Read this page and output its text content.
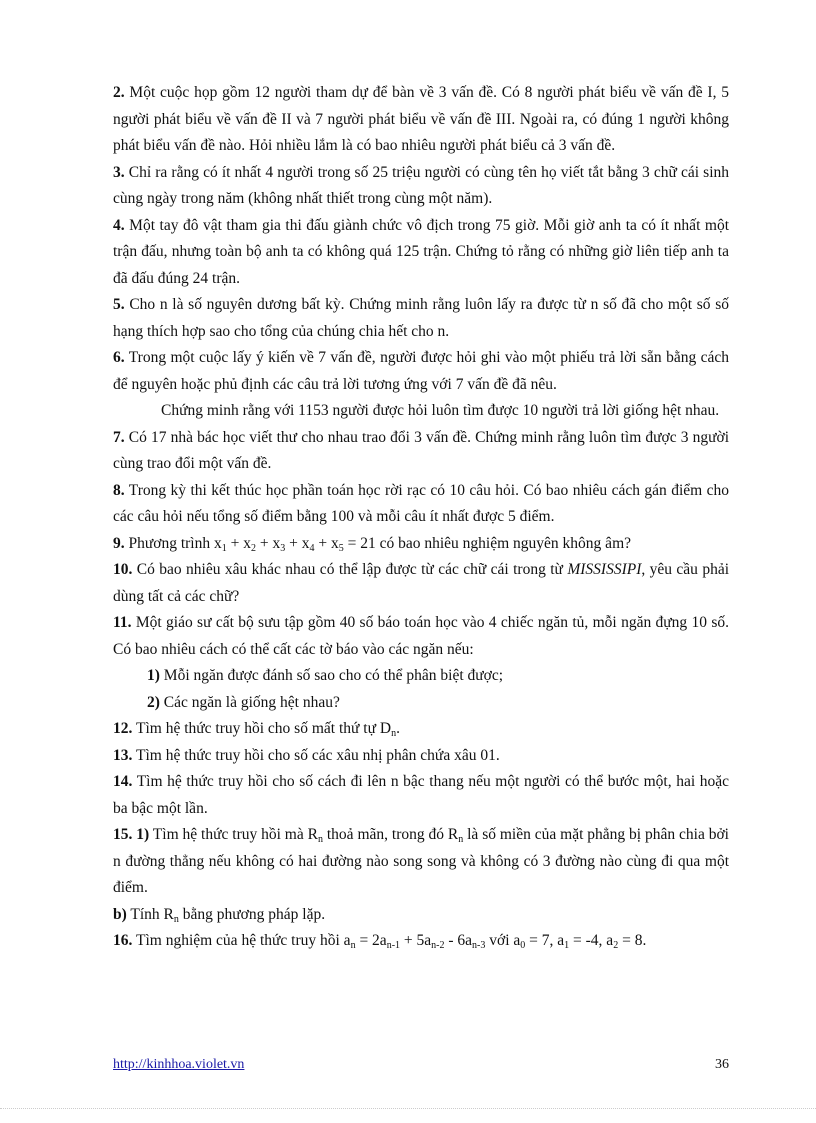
2. Một cuộc họp gồm 12 người tham dự để bàn về 3 vấn đề. Có 8 người phát biểu về vấn đề I, 5 người phát biểu về vấn đề II và 7 người phát biểu về vấn đề III. Ngoài ra, có đúng 1 người không phát biểu vấn đề nào. Hỏi nhiều lắm là có bao nhiêu người phát biểu cả 3 vấn đề.

3. Chỉ ra rằng có ít nhất 4 người trong số 25 triệu người có cùng tên họ viết tắt bằng 3 chữ cái sinh cùng ngày trong năm (không nhất thiết trong cùng một năm).

4. Một tay đô vật tham gia thi đấu giành chức vô địch trong 75 giờ. Mỗi giờ anh ta có ít nhất một trận đấu, nhưng toàn bộ anh ta có không quá 125 trận. Chứng tỏ rằng có những giờ liên tiếp anh ta đã đấu đúng 24 trận.

5. Cho n là số nguyên dương bất kỳ. Chứng minh rằng luôn lấy ra được từ n số đã cho một số số hạng thích hợp sao cho tổng của chúng chia hết cho n.

6. Trong một cuộc lấy ý kiến về 7 vấn đề, người được hỏi ghi vào một phiếu trả lời sẵn bằng cách để nguyên hoặc phủ định các câu trả lời tương ứng với 7 vấn đề đã nêu.

Chứng minh rằng với 1153 người được hỏi luôn tìm được 10 người trả lời giống hệt nhau.

7. Có 17 nhà bác học viết thư cho nhau trao đổi 3 vấn đề. Chứng minh rằng luôn tìm được 3 người cùng trao đổi một vấn đề.

8. Trong kỳ thi kết thúc học phần toán học rời rạc có 10 câu hỏi. Có bao nhiêu cách gán điểm cho các câu hỏi nếu tổng số điểm bằng 100 và mỗi câu ít nhất được 5 điểm.

9. Phương trình $x_1 + x_2 + x_3 + x_4 + x_5 = 21$ có bao nhiêu nghiệm nguyên không âm?

10. Có bao nhiêu xâu khác nhau có thể lập được từ các chữ cái trong từ MISSISSIPI, yêu cầu phải dùng tất cả các chữ?

11. Một giáo sư cất bộ sưu tập gồm 40 số báo toán học vào 4 chiếc ngăn tủ, mỗi ngăn đựng 10 số. Có bao nhiêu cách có thể cất các tờ báo vào các ngăn nếu:

1) Mỗi ngăn được đánh số sao cho có thể phân biệt được;

2) Các ngăn là giống hệt nhau?

12. Tìm hệ thức truy hồi cho số mất thứ tự $D_n$.

13. Tìm hệ thức truy hồi cho số các xâu nhị phân chứa xâu 01.

14. Tìm hệ thức truy hồi cho số cách đi lên n bậc thang nếu một người có thể bước một, hai hoặc ba bậc một lần.

15. 1) Tìm hệ thức truy hồi mà $R_n$ thoả mãn, trong đó $R_n$ là số miền của mặt phẳng bị phân chia bởi n đường thẳng nếu không có hai đường nào song song và không có 3 đường nào cùng đi qua một điểm.

b) Tính $R_n$ bằng phương pháp lặp.

16. Tìm nghiệm của hệ thức truy hồi $a_n = 2a_{n-1} + 5a_{n-2} - 6a_{n-3}$ với $a_0 = 7$, $a_1 = -4$, $a_2 = 8$.

http://kinhhoa.violet.vn	36
